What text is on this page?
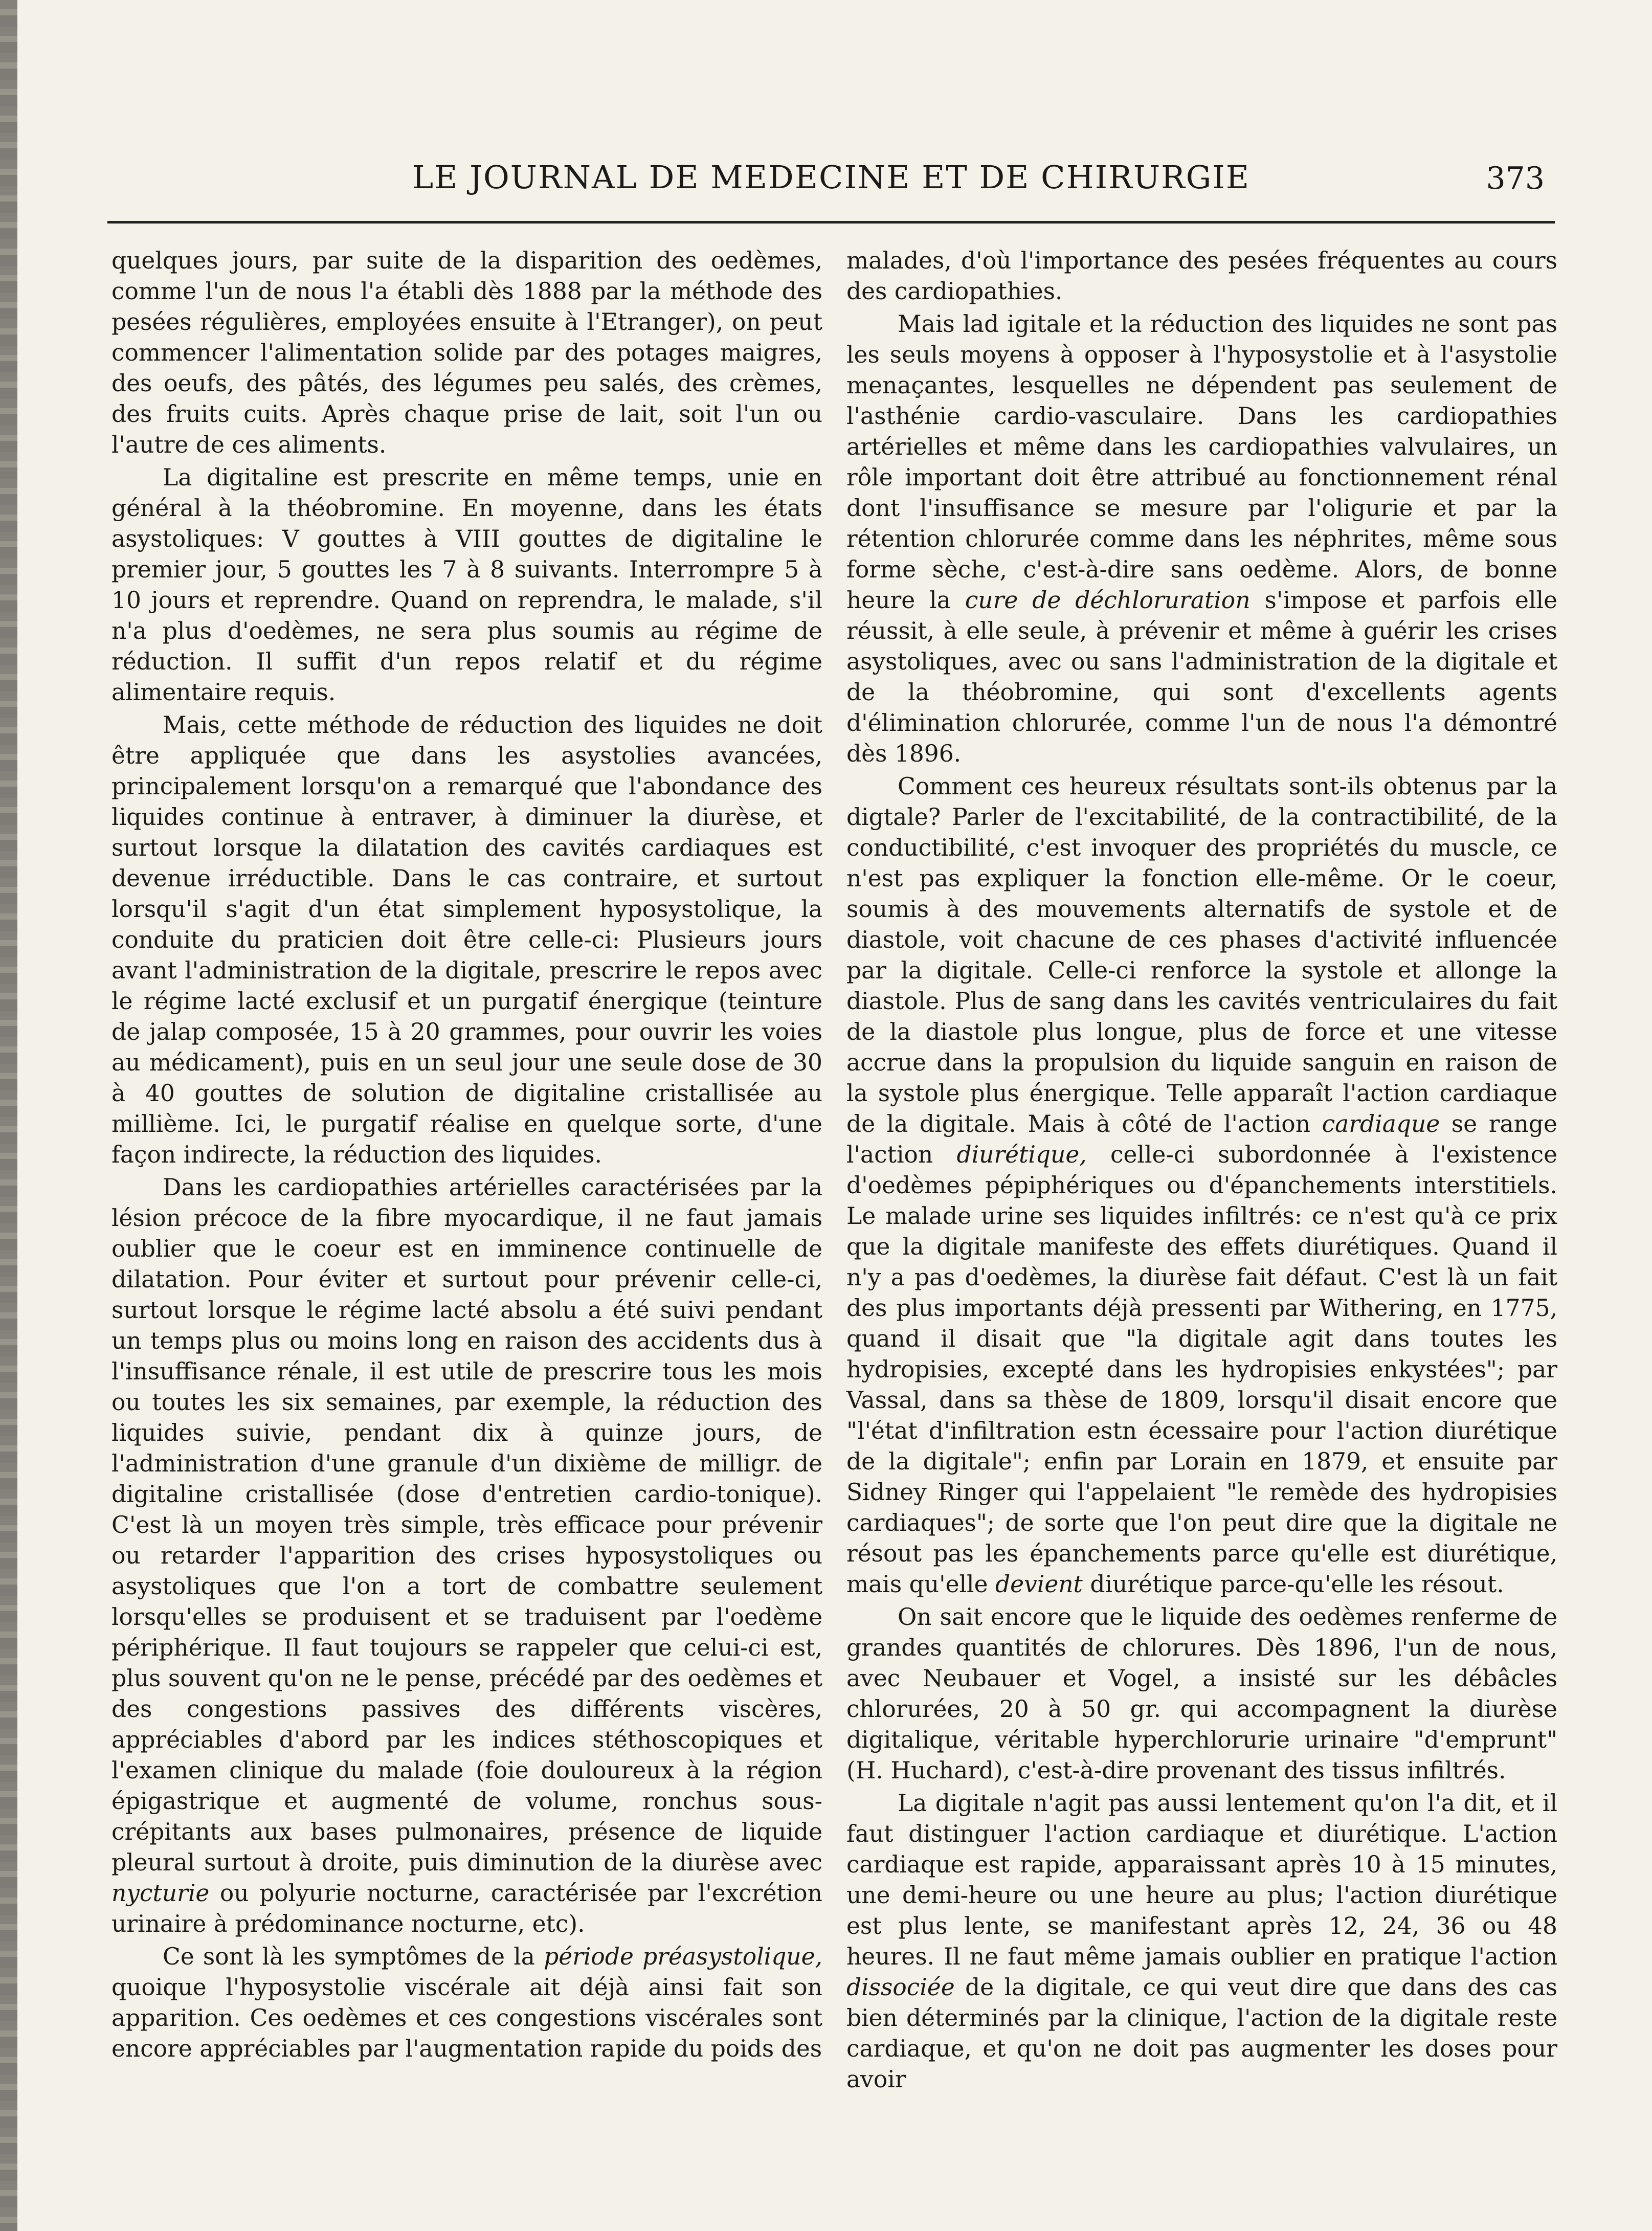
LE JOURNAL DE MEDECINE ET DE CHIRURGIE	373

quelques jours, par suite de la disparition des oedèmes, comme l'un de nous l'a établi dès 1888 par la méthode des pesées régulières, employées ensuite à l'Etranger), on peut commencer l'alimentation solide par des potages maigres, des oeufs, des pâtés, des légumes peu salés, des crèmes, des fruits cuits. Après chaque prise de lait, soit l'un ou l'autre de ces aliments.

La digitaline est prescrite en même temps, unie en général à la théobromine. En moyenne, dans les états asystoliques: V gouttes à VIII gouttes de digitaline le premier jour, 5 gouttes les 7 à 8 suivants. Interrompre 5 à 10 jours et reprendre. Quand on reprendra, le malade, s'il n'a plus d'oedèmes, ne sera plus soumis au régime de réduction. Il suffit d'un repos relatif et du régime alimentaire requis.

Mais, cette méthode de réduction des liquides ne doit être appliquée que dans les asystolies avancées, principalement lorsqu'on a remarqué que l'abondance des liquides continue à entraver, à diminuer la diurèse, et surtout lorsque la dilatation des cavités cardiaques est devenue irréductible. Dans le cas contraire, et surtout lorsqu'il s'agit d'un état simplement hyposystolique, la conduite du praticien doit être celle-ci: Plusieurs jours avant l'administration de la digitale, prescrire le repos avec le régime lacté exclusif et un purgatif énergique (teinture de jalap composée, 15 à 20 grammes, pour ouvrir les voies au médicament), puis en un seul jour une seule dose de 30 à 40 gouttes de solution de digitaline cristallisée au millième. Ici, le purgatif réalise en quelque sorte, d'une façon indirecte, la réduction des liquides.

Dans les cardiopathies artérielles caractérisées par la lésion précoce de la fibre myocardique, il ne faut jamais oublier que le coeur est en imminence continuelle de dilatation. Pour éviter et surtout pour prévenir celle-ci, surtout lorsque le régime lacté absolu a été suivi pendant un temps plus ou moins long en raison des accidents dus à l'insuffisance rénale, il est utile de prescrire tous les mois ou toutes les six semaines, par exemple, la réduction des liquides suivie, pendant dix à quinze jours, de l'administration d'une granule d'un dixième de milligr. de digitaline cristallisée (dose d'entretien cardio-tonique). C'est là un moyen très simple, très efficace pour prévenir ou retarder l'apparition des crises hyposystoliques ou asystoliques que l'on a tort de combattre seulement lorsqu'elles se produisent et se traduisent par l'oedème périphérique. Il faut toujours se rappeler que celui-ci est, plus souvent qu'on ne le pense, précédé par des oedèmes et des congestions passives des différents viscères, appréciables d'abord par les indices stéthoscopiques et l'examen clinique du malade (foie douloureux à la région épigastrique et augmenté de volume, ronchus sous-crépitants aux bases pulmonaires, présence de liquide pleural surtout à droite, puis diminution de la diurèse avec nycturie ou polyurie nocturne, caractérisée par l'excrétion urinaire à prédominance nocturne, etc).

Ce sont là les symptômes de la période préasystolique, quoique l'hyposystolie viscérale ait déjà ainsi fait son apparition. Ces oedèmes et ces congestions viscérales sont encore appréciables par l'augmentation rapide du poids des

malades, d'où l'importance des pesées fréquentes au cours des cardiopathies.

Mais lad igitale et la réduction des liquides ne sont pas les seuls moyens à opposer à l'hyposystolie et à l'asystolie menaçantes, lesquelles ne dépendent pas seulement de l'asthénie cardio-vasculaire. Dans les cardiopathies artérielles et même dans les cardiopathies valvulaires, un rôle important doit être attribué au fonctionnement rénal dont l'insuffisance se mesure par l'oligurie et par la rétention chlorurée comme dans les néphrites, même sous forme sèche, c'est-à-dire sans oedème. Alors, de bonne heure la cure de déchloruration s'impose et parfois elle réussit, à elle seule, à prévenir et même à guérir les crises asystoliques, avec ou sans l'administration de la digitale et de la théobromine, qui sont d'excellents agents d'élimination chlorurée, comme l'un de nous l'a démontré dès 1896.

Comment ces heureux résultats sont-ils obtenus par la digtale? Parler de l'excitabilité, de la contractibilité, de la conductibilité, c'est invoquer des propriétés du muscle, ce n'est pas expliquer la fonction elle-même. Or le coeur, soumis à des mouvements alternatifs de systole et de diastole, voit chacune de ces phases d'activité influencée par la digitale. Celle-ci renforce la systole et allonge la diastole. Plus de sang dans les cavités ventriculaires du fait de la diastole plus longue, plus de force et une vitesse accrue dans la propulsion du liquide sanguin en raison de la systole plus énergique. Telle apparaît l'action cardiaque de la digitale. Mais à côté de l'action cardiaque se range l'action diurétique, celle-ci subordonnée à l'existence d'oedèmes pépiphériques ou d'épanchements interstitiels. Le malade urine ses liquides infiltrés: ce n'est qu'à ce prix que la digitale manifeste des effets diurétiques. Quand il n'y a pas d'oedèmes, la diurèse fait défaut. C'est là un fait des plus importants déjà pressenti par Withering, en 1775, quand il disait que "la digitale agit dans toutes les hydropisies, excepté dans les hydropisies enkystées"; par Vassal, dans sa thèse de 1809, lorsqu'il disait encore que "l'état d'infiltration estn écessaire pour l'action diurétique de la digitale"; enfin par Lorain en 1879, et ensuite par Sidney Ringer qui l'appelaient "le remède des hydropisies cardiaques"; de sorte que l'on peut dire que la digitale ne résout pas les épanchements parce qu'elle est diurétique, mais qu'elle devient diurétique parce-qu'elle les résout.

On sait encore que le liquide des oedèmes renferme de grandes quantités de chlorures. Dès 1896, l'un de nous, avec Neubauer et Vogel, a insisté sur les débâcles chlorurées, 20 à 50 gr. qui accompagnent la diurèse digitalique, véritable hyperchlorurie urinaire "d'emprunt" (H. Huchard), c'est-à-dire provenant des tissus infiltrés.

La digitale n'agit pas aussi lentement qu'on l'a dit, et il faut distinguer l'action cardiaque et diurétique. L'action cardiaque est rapide, apparaissant après 10 à 15 minutes, une demi-heure ou une heure au plus; l'action diurétique est plus lente, se manifestant après 12, 24, 36 ou 48 heures. Il ne faut même jamais oublier en pratique l'action dissociée de la digitale, ce qui veut dire que dans des cas bien déterminés par la clinique, l'action de la digitale reste cardiaque, et qu'on ne doit pas augmenter les doses pour avoir
